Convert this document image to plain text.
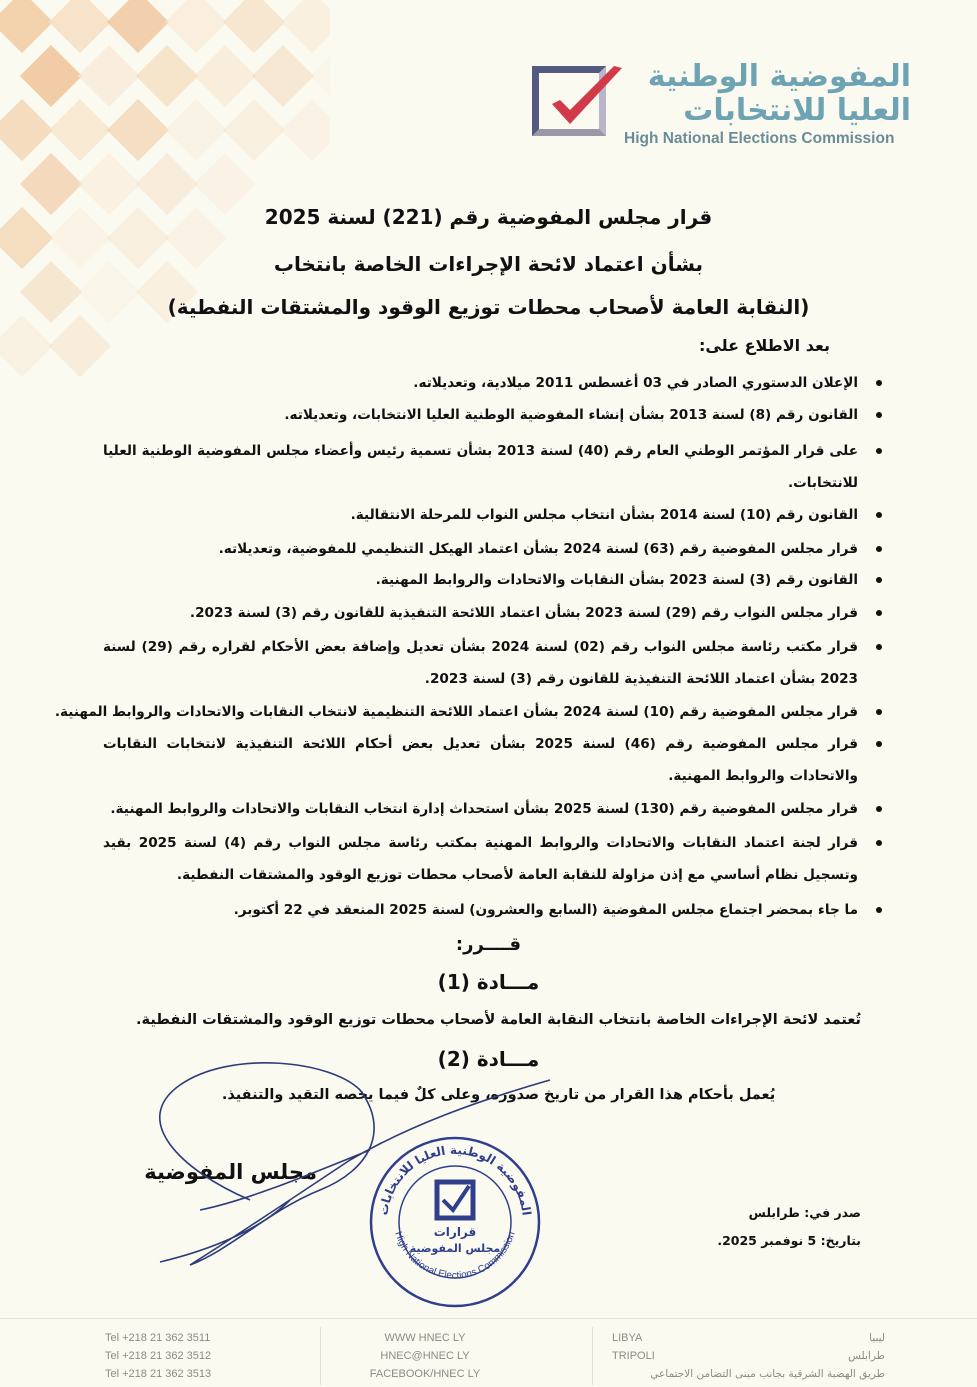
المفوضية الوطنية
العليا للانتخابات
High National Elections Commission
قرار مجلس المفوضية رقم (221) لسنة 2025
بشأن اعتماد لائحة الإجراءات الخاصة بانتخاب
(النقابة العامة لأصحاب محطات توزيع الوقود والمشتقات النفطية)
بعد الاطلاع على:
الإعلان الدستوري الصادر في 03 أغسطس 2011 ميلادية، وتعديلاته.
القانون رقم (8) لسنة 2013 بشأن إنشاء المفوضية الوطنية العليا الانتخابات، وتعديلاته.
على قرار المؤتمر الوطني العام رقم (40) لسنة 2013 بشأن تسمية رئيس وأعضاء مجلس المفوضية الوطنية العليا للانتخابات.
القانون رقم (10) لسنة 2014 بشأن انتخاب مجلس النواب للمرحلة الانتقالية.
قرار مجلس المفوضية رقم (63) لسنة 2024 بشأن اعتماد الهيكل التنظيمي للمفوضية، وتعديلاته.
القانون رقم (3) لسنة 2023 بشأن النقابات والاتحادات والروابط المهنية.
قرار مجلس النواب رقم (29) لسنة 2023 بشأن اعتماد اللائحة التنفيذية للقانون رقم (3) لسنة 2023.
قرار مكتب رئاسة مجلس النواب رقم (02) لسنة 2024 بشأن تعديل وإضافة بعض الأحكام لقراره رقم (29) لسنة 2023 بشأن اعتماد اللائحة التنفيذية للقانون رقم (3) لسنة 2023.
قرار مجلس المفوضية رقم (10) لسنة 2024 بشأن اعتماد اللائحة التنظيمية لانتخاب النقابات والاتحادات والروابط المهنية.
قرار مجلس المفوضية رقم (46) لسنة 2025 بشأن تعديل بعض أحكام اللائحة التنفيذية لانتخابات النقابات والاتحادات والروابط المهنية.
قرار مجلس المفوضية رقم (130) لسنة 2025 بشأن استحداث إدارة انتخاب النقابات والاتحادات والروابط المهنية.
قرار لجنة اعتماد النقابات والاتحادات والروابط المهنية بمكتب رئاسة مجلس النواب رقم (4) لسنة 2025 بقيد وتسجيل نظام أساسي مع إذن مزاولة للنقابة العامة لأصحاب محطات توزيع الوقود والمشتقات النفطية.
ما جاء بمحضر اجتماع مجلس المفوضية (السابع والعشرون) لسنة 2025 المنعقد في 22 أكتوبر.
قــــرر:
مـــادة (1)
تُعتمد لائحة الإجراءات الخاصة بانتخاب النقابة العامة لأصحاب محطات توزيع الوقود والمشتقات النفطية.
مـــادة (2)
يُعمل بأحكام هذا القرار من تاريخ صدوره، وعلى كلٌ فيما يخصه التقيد والتنفيذ.
مجلس المفوضية
صدر في: طرابلس
بتاريخ: 5 نوفمبر 2025.
المفوضية الوطنية العليا للانتخابات
High National Elections Commission
قرارات
مجلس المفوضية
Tel +218 21 362 3511
Tel +218 21 362 3512
Tel +218 21 362 3513
WWW HNEC LY
HNEC@HNEC LY
FACEBOOK/HNEC LY
LIBYA
TRIPOLI
ليبيا
طرابلس
طريق الهضبة الشرقية بجانب مبنى التضامن الاجتماعي
